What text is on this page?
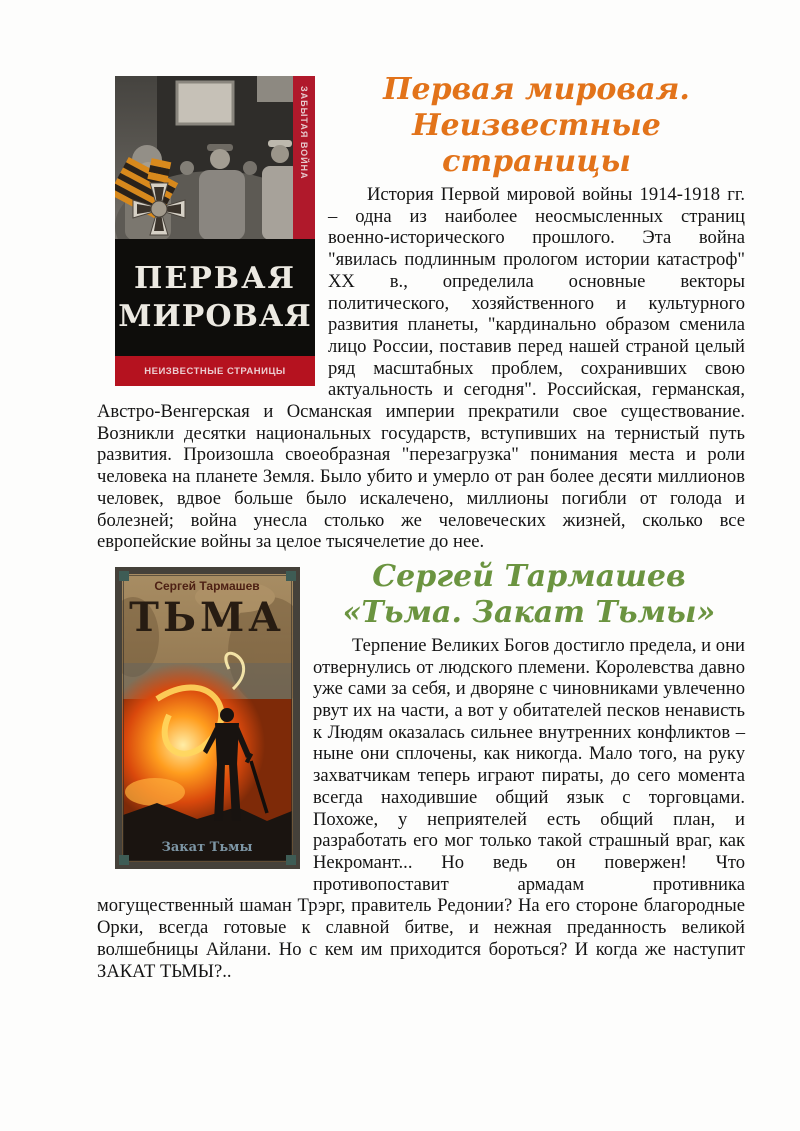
ЗАБЫТАЯ ВОЙНА
ПЕРВАЯ
МИРОВАЯ
НЕИЗВЕСТНЫЕ СТРАНИЦЫ
Первая мировая. Неизвестные страницы

История Первой мировой войны 1914-1918 гг. – одна из наиболее неосмысленных страниц военно-исторического прошлого. Эта война "явилась подлинным прологом истории катастроф" ХХ в., определила основные векторы политического, хозяйственного и культурного развития планеты, "кардинально образом сменила лицо России, поставив перед нашей страной целый ряд масштабных проблем, сохранивших свою актуальность и сегодня". Российская, германская, Австро-Венгерская и Османская империи прекратили свое существование. Возникли десятки национальных государств, вступивших на тернистый путь развития. Произошла своеобразная "перезагрузка" понимания места и роли человека на планете Земля. Было убито и умерло от ран более десяти миллионов человек, вдвое больше было искалечено, миллионы погибли от голода и болезней; война унесла столько же человеческих жизней, сколько все европейские войны за целое тысячелетие до нее.

Сергей Тармашев
ТЬМА
Закат Тьмы
Сергей Тармашев
«Тьма. Закат Тьмы»

Терпение Великих Богов достигло предела, и они отвернулись от людского племени. Королевства давно уже сами за себя, и дворяне с чиновниками увлеченно рвут их на части, а вот у обитателей песков ненависть к Людям оказалась сильнее внутренних конфликтов – ныне они сплочены, как никогда. Мало того, на руку захватчикам теперь играют пираты, до сего момента всегда находившие общий язык с торговцами. Похоже, у неприятелей есть общий план, и разработать его мог только такой страшный враг, как Некромант... Но ведь он повержен! Что противопоставит армадам противника могущественный шаман Трэрг, правитель Редонии? На его стороне благородные Орки, всегда готовые к славной битве, и нежная преданность великой волшебницы Айлани. Но с кем им приходится бороться? И когда же наступит ЗАКАТ ТЬМЫ?..
